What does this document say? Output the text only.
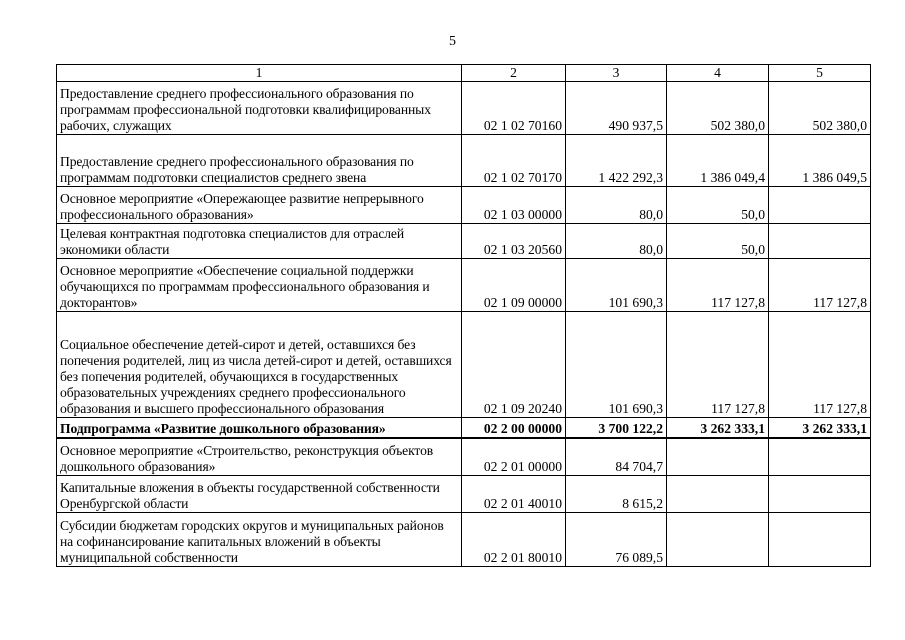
5
1	2	3	4	5
Предоставление среднего профессионального образования по программам профессиональной подготовки квалифицированных рабочих, служащих	02 1 02 70160	490 937,5	502 380,0	502 380,0
Предоставление среднего профессионального образования по программам подготовки специалистов среднего звена	02 1 02 70170	1 422 292,3	1 386 049,4	1 386 049,5
Основное мероприятие «Опережающее развитие непрерывного профессионального образования»	02 1 03 00000	80,0	50,0	
Целевая контрактная подготовка специалистов для отраслей экономики области	02 1 03 20560	80,0	50,0	
Основное мероприятие «Обеспечение социальной поддержки обучающихся по программам профессионального образования и докторантов»	02 1 09 00000	101 690,3	117 127,8	117 127,8
Социальное обеспечение детей-сирот и детей, оставшихся без попечения родителей, лиц из числа детей-сирот и детей, оставшихся без попечения родителей, обучающихся в государственных образовательных учреждениях среднего профессионального образования и высшего профессионального образования	02 1 09 20240	101 690,3	117 127,8	117 127,8
Подпрограмма «Развитие дошкольного образования»	02 2 00 00000	3 700 122,2	3 262 333,1	3 262 333,1
Основное мероприятие «Строительство, реконструкция объектов дошкольного образования»	02 2 01 00000	84 704,7		
Капитальные вложения в объекты государственной собственности Оренбургской области	02 2 01 40010	8 615,2		
Субсидии бюджетам городских округов и муниципальных районов на софинансирование капитальных вложений в объекты муниципальной собственности	02 2 01 80010	76 089,5		
